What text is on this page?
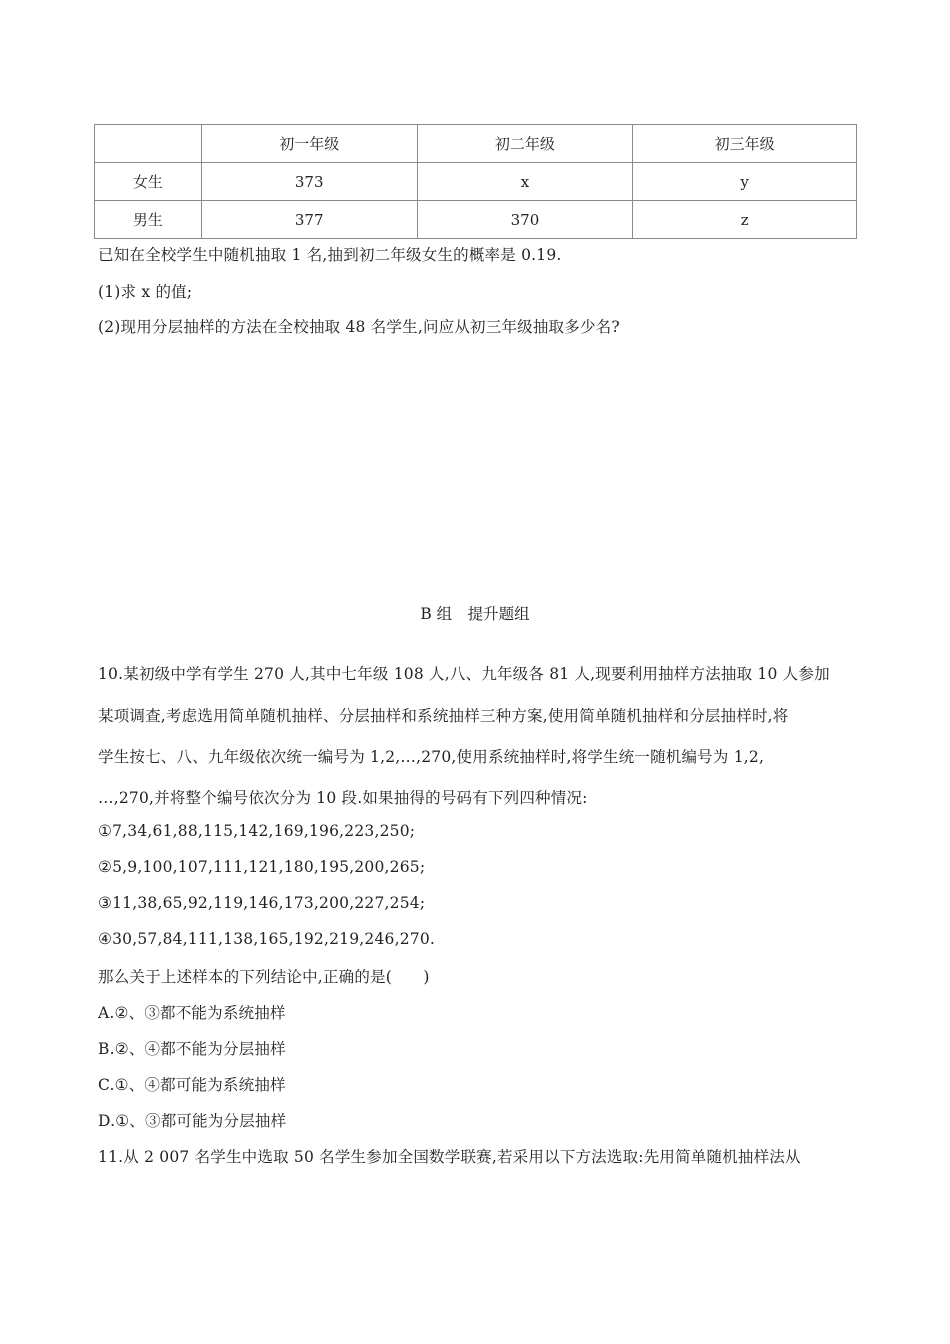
	初一年级	初二年级	初三年级
女生	373	x	y
男生	377	370	z
已知在全校学生中随机抽取 1 名,抽到初二年级女生的概率是 0.19.
(1)求 x 的值;
(2)现用分层抽样的方法在全校抽取 48 名学生,问应从初三年级抽取多少名?
B 组　提升题组
10.某初级中学有学生 270 人,其中七年级 108 人,八、九年级各 81 人,现要利用抽样方法抽取 10 人参加
某项调查,考虑选用简单随机抽样、分层抽样和系统抽样三种方案,使用简单随机抽样和分层抽样时,将
学生按七、八、九年级依次统一编号为 1,2,…,270,使用系统抽样时,将学生统一随机编号为 1,2,
…,270,并将整个编号依次分为 10 段.如果抽得的号码有下列四种情况:
①7,34,61,88,115,142,169,196,223,250;
②5,9,100,107,111,121,180,195,200,265;
③11,38,65,92,119,146,173,200,227,254;
④30,57,84,111,138,165,192,219,246,270.
那么关于上述样本的下列结论中,正确的是(　　)
A.②、③都不能为系统抽样
B.②、④都不能为分层抽样
C.①、④都可能为系统抽样
D.①、③都可能为分层抽样
11.从 2 007 名学生中选取 50 名学生参加全国数学联赛,若采用以下方法选取:先用简单随机抽样法从
